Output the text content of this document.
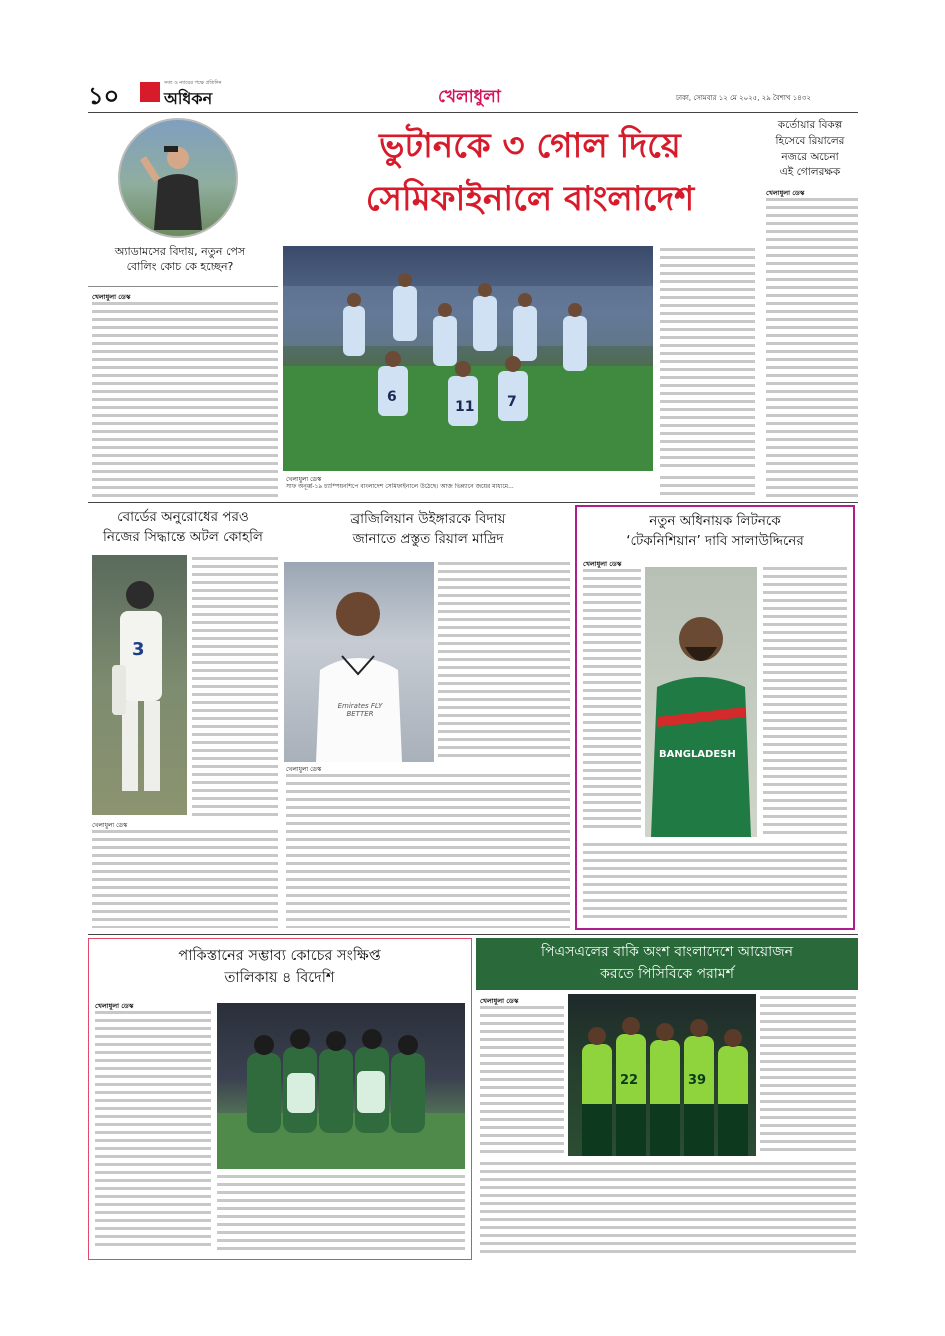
১০	সত্য ও ন্যায়ের পক্ষে প্রতিদিন
অধিকন	খেলাধুলা	ঢাকা, সোমবার ১২ মে ২০২৫, ২৯ বৈশাখ ১৪৩২
অ্যাডামসের বিদায়, নতুন পেস
বোলিং কোচ কে হচ্ছেন?
খেলাধুলা ডেস্ক
ভুটানকে ৩ গোল দিয়ে
সেমিফাইনালে বাংলাদেশ
6
11 7
খেলাধুলা ডেস্ক
সাফ অনূর্ধ্ব-১৯ চ্যাম্পিয়নশিপে বাংলাদেশ সেমিফাইনালে উঠেছে। আজ ভিন্ন্যানে জয়ের মাধ্যমে...
কর্তোয়ার বিকল্প
হিসেবে রিয়ালের
নজরে অচেনা
এই গোলরক্ষক
খেলাধুলা ডেস্ক
বোর্ডের অনুরোধের পরও
নিজের সিদ্ধান্তে অটল কোহলি
3
খেলাধুলা ডেস্ক
ব্রাজিলিয়ান উইঙ্গারকে বিদায়
জানাতে প্রস্তুত রিয়াল মাদ্রিদ
Emirates FLY BETTER
খেলাধুলা ডেস্ক
নতুন অধিনায়ক লিটনকে
‘টেকনিশিয়ান’ দাবি সালাউদ্দিনের
খেলাধুলা ডেস্ক
BANGLADESH
পাকিস্তানের সম্ভাব্য কোচের সংক্ষিপ্ত
তালিকায় ৪ বিদেশি
খেলাধুলা ডেস্ক
পিএসএলের বাকি অংশ বাংলাদেশে আয়োজন
করতে পিসিবিকে পরামর্শ
খেলাধুলা ডেস্ক
22	39
